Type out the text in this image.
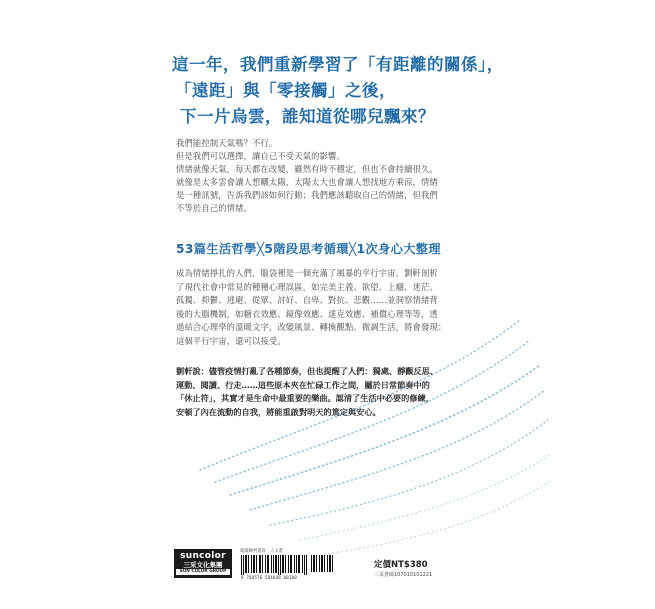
這一年，我們重新學習了「有距離的關係」，
「遠距」與「零接觸」之後，
下一片烏雲，誰知道從哪兒飄來？
我們能控制天氣嗎？不行。
但是我們可以選擇，讓自己不受天氣的影響。
情緒就像天氣，每天都在改變，雖然有時不穩定，但也不會持續很久。
就像是太多雲會讓人想曬太陽，太陽太大也會讓人想找地方乘涼，情緒
是一種訊號，告訴我們該如何行動；我們應該聽取自己的情緒，但我們
不等於自己的情緒。
53篇生活哲學╳5階段思考循環╳1次身心大整理
成為情緒掙扎的人們，腦袋裡是一個充滿了風暴的平行宇宙，劉軒剖析
了現代社會中常見的種種心理誤區，如完美主義、欲望、上癮、迷茫、
孤獨、抑鬱、逃避、從眾、討好、自卑、對抗、悲觀……並洞察情緒背
後的大腦機制，如糖衣效應、鏡像效應、達克效應、補償心理等等，透
過結合心理學的溫暖文字，改變風景、轉換觀點、微調生活，將會發現：
這個平行宇宙，還可以接受。
劉軒說：儘管疫情打亂了各種節奏，但也提醒了人們：獨處、靜觀反思、
運動、閱讀、行走……這些原本夾在忙碌工作之間，屬於日常節奏中的
「休止符」，其實才是生命中最重要的樂曲。認清了生活中必要的修練，
安頓了內在流動的自我，將能重啟對明天的篤定與安心。
suncolor
三采文化集團
SUN COLOR GROUP
建議陳列書區：人文書
9 789576 584848 00380
定價NT$380
三采書碼107010101221
